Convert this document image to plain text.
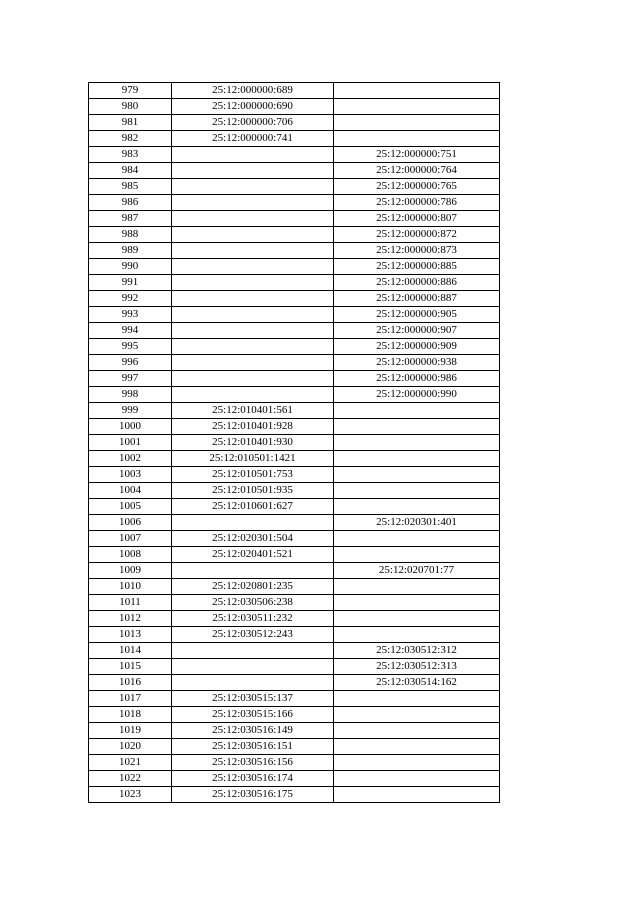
979	25:12:000000:689	
980	25:12:000000:690	
981	25:12:000000:706	
982	25:12:000000:741	
983		25:12:000000:751
984		25:12:000000:764
985		25:12:000000:765
986		25:12:000000:786
987		25:12:000000:807
988		25:12:000000:872
989		25:12:000000:873
990		25:12:000000:885
991		25:12:000000:886
992		25:12:000000:887
993		25:12:000000:905
994		25:12:000000:907
995		25:12:000000:909
996		25:12:000000:938
997		25:12:000000:986
998		25:12:000000:990
999	25:12:010401:561	
1000	25:12:010401:928	
1001	25:12:010401:930	
1002	25:12:010501:1421	
1003	25:12:010501:753	
1004	25:12:010501:935	
1005	25:12:010601:627	
1006		25:12:020301:401
1007	25:12:020301:504	
1008	25:12:020401:521	
1009		25:12:020701:77
1010	25:12:020801:235	
1011	25:12:030506:238	
1012	25:12:030511:232	
1013	25:12:030512:243	
1014		25:12:030512:312
1015		25:12:030512:313
1016		25:12:030514:162
1017	25:12:030515:137	
1018	25:12:030515:166	
1019	25:12:030516:149	
1020	25:12:030516:151	
1021	25:12:030516:156	
1022	25:12:030516:174	
1023	25:12:030516:175	
